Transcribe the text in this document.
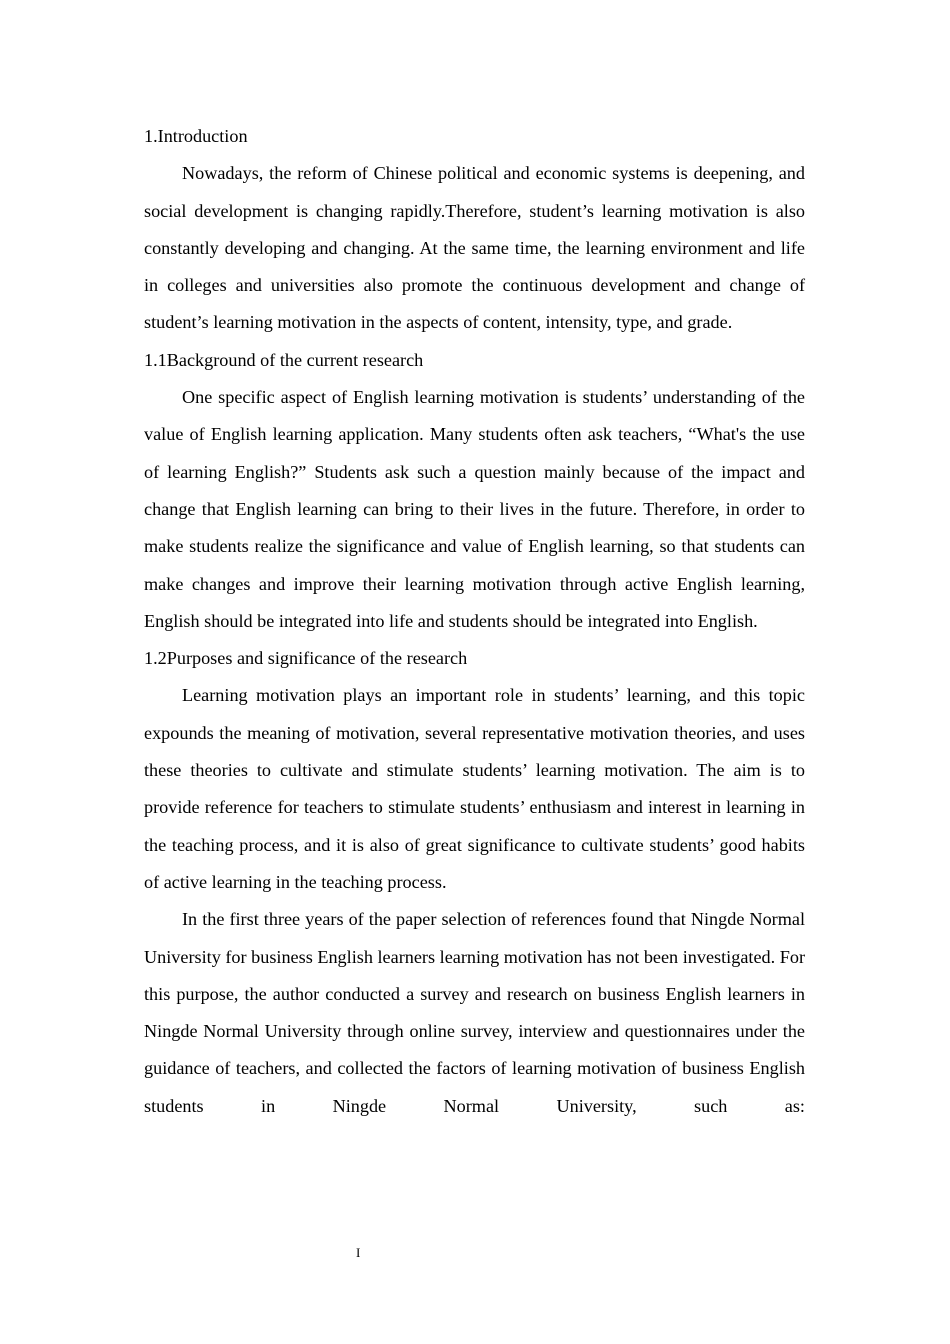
1.Introduction

Nowadays, the reform of Chinese political and economic systems is deepening, and social development is changing rapidly.Therefore, student’s learning motivation is also constantly developing and changing. At the same time, the learning environment and life in colleges and universities also promote the continuous development and change of student’s learning motivation in the aspects of content, intensity, type, and grade.

1.1Background of the current research

One specific aspect of English learning motivation is students’ understanding of the value of English learning application. Many students often ask teachers, “What's the use of learning English?” Students ask such a question mainly because of the impact and change that English learning can bring to their lives in the future. Therefore, in order to make students realize the significance and value of English learning, so that students can make changes and improve their learning motivation through active English learning, English should be integrated into life and students should be integrated into English.

1.2Purposes and significance of the research

Learning motivation plays an important role in students’ learning, and this topic expounds the meaning of motivation, several representative motivation theories, and uses these theories to cultivate and stimulate students’ learning motivation. The aim is to provide reference for teachers to stimulate students’ enthusiasm and interest in learning in the teaching process, and it is also of great significance to cultivate students’ good habits of active learning in the teaching process.

In the first three years of the paper selection of references found that Ningde Normal University for business English learners learning motivation has not been investigated. For this purpose, the author conducted a survey and research on business English learners in Ningde Normal University through online survey, interview and questionnaires under the guidance of teachers, and collected the factors of learning motivation of business English students in Ningde Normal University, such as:

I
